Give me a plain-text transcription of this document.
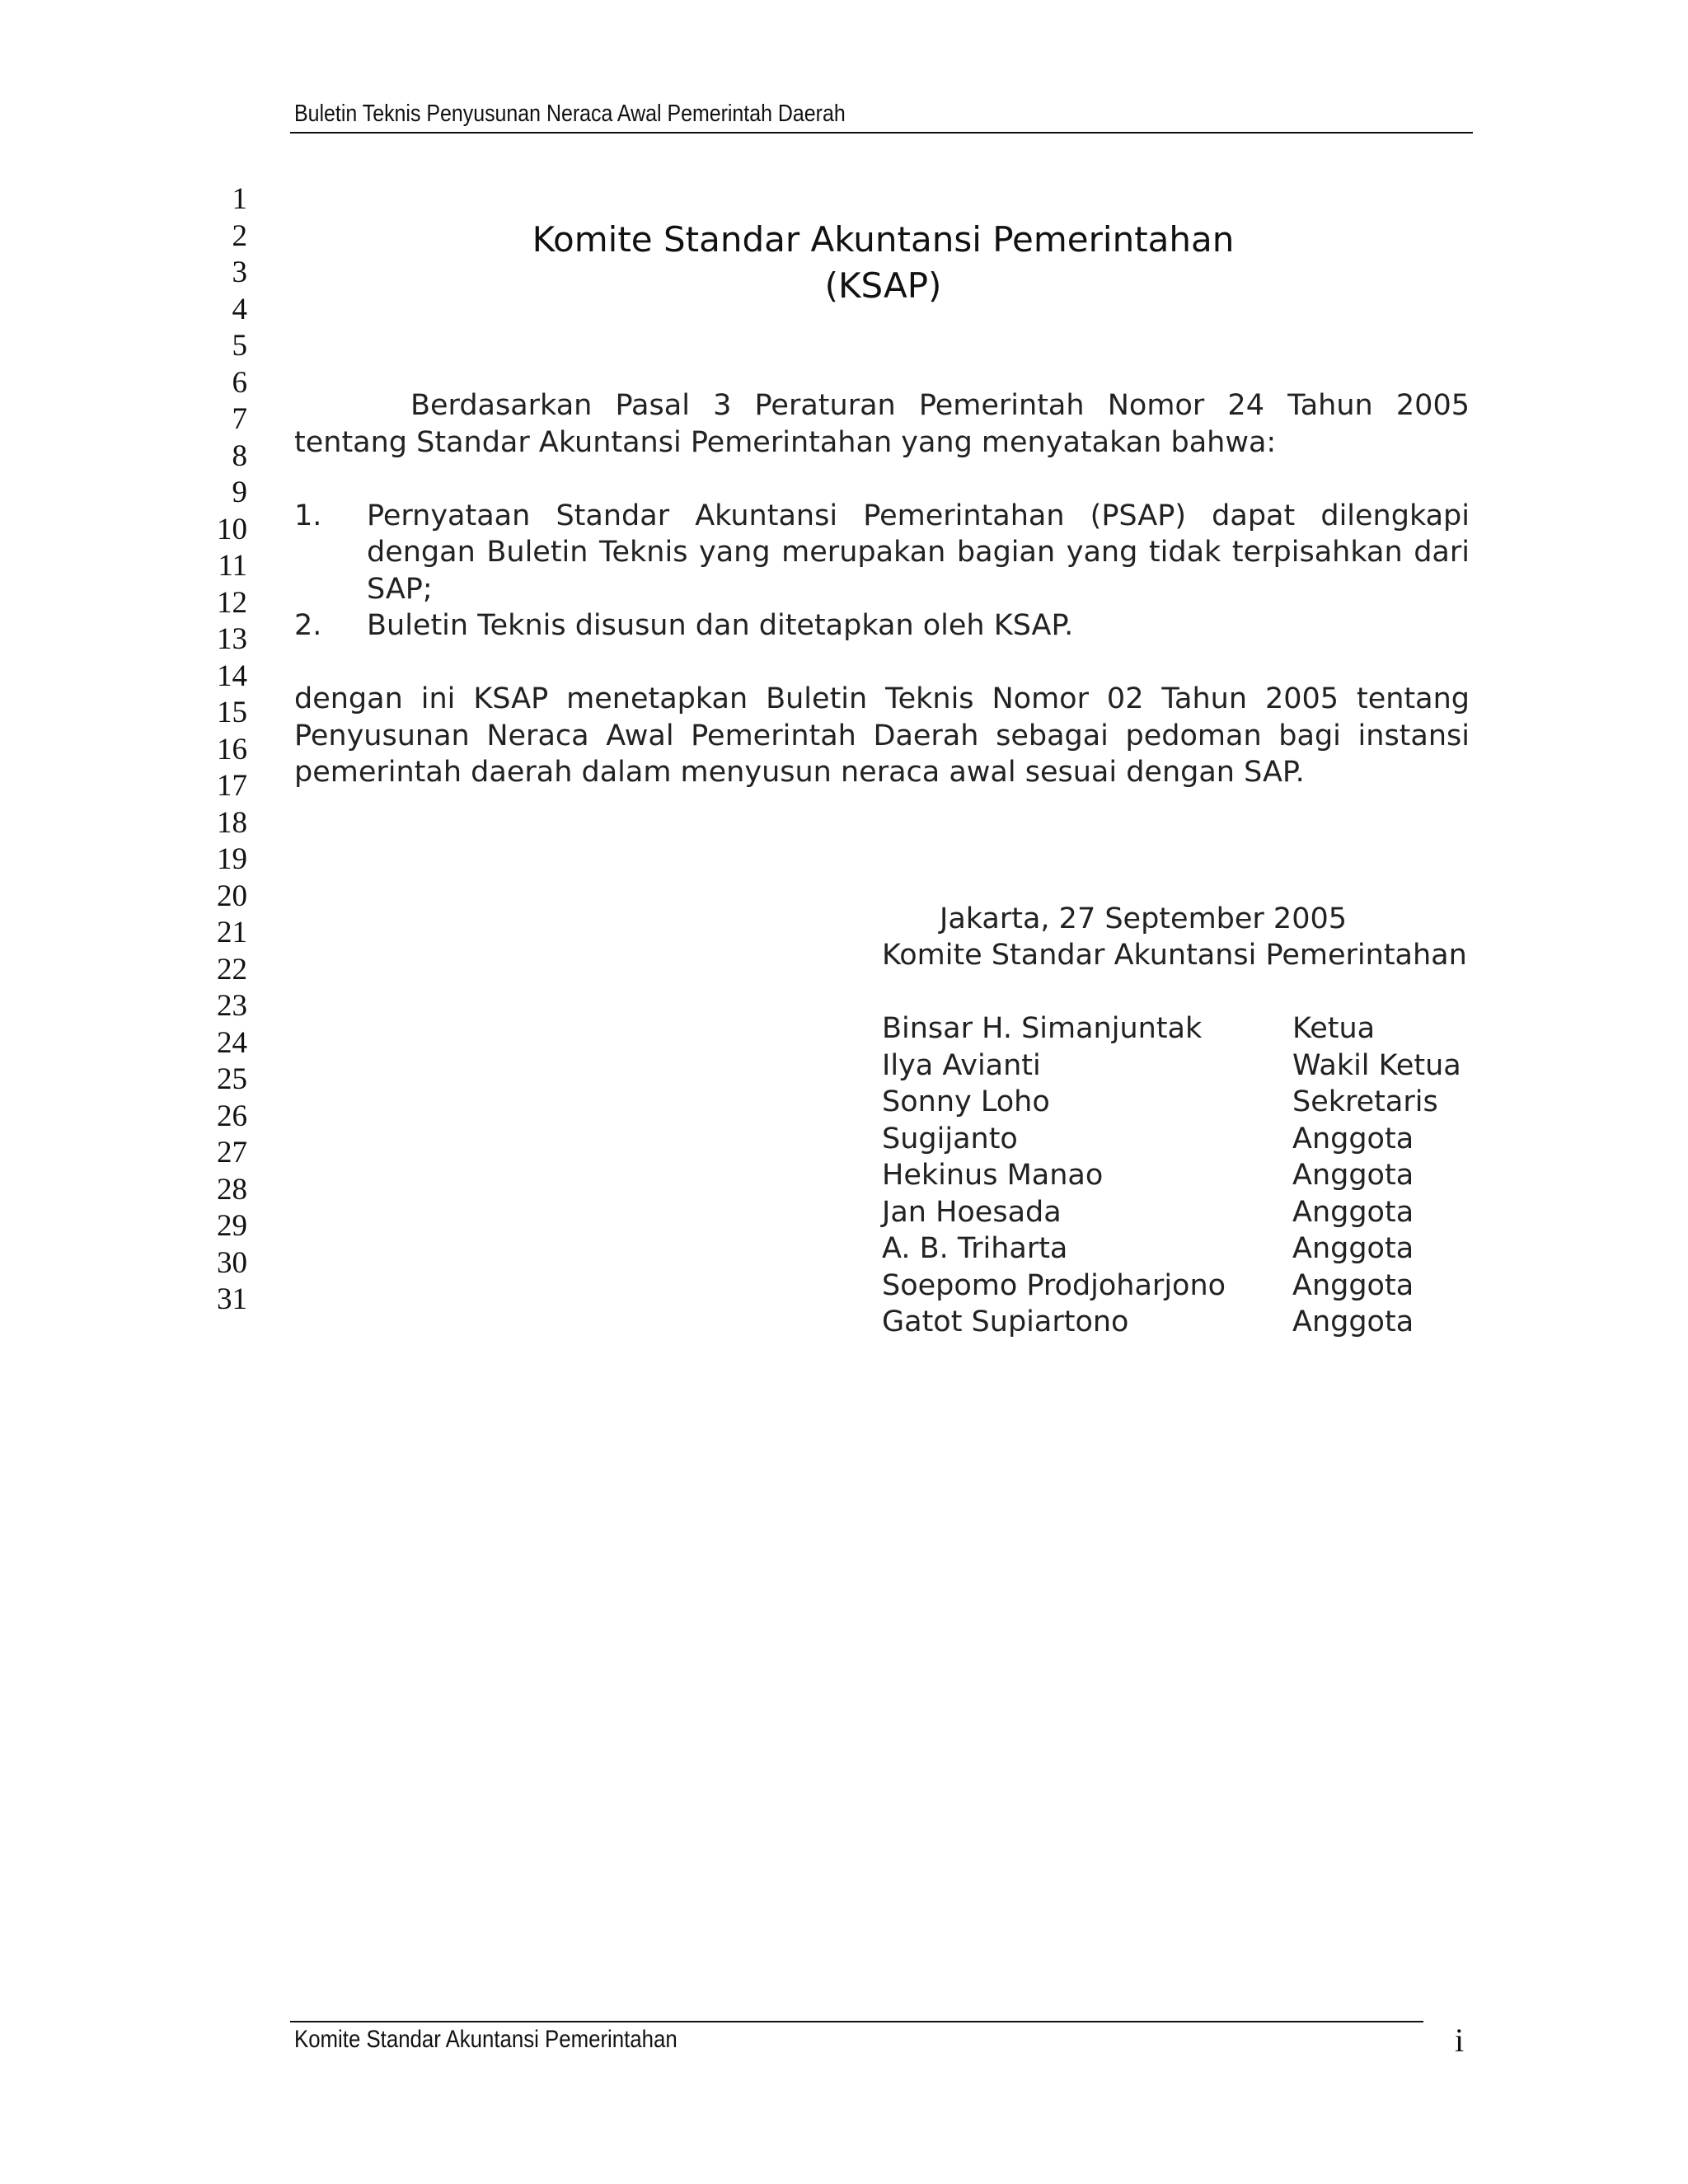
Buletin Teknis Penyusunan Neraca Awal Pemerintah Daerah
1
2
3
4
5
6
7
8
9
10
11
12
13
14
15
16
17
18
19
20
21
22
23
24
25
26
27
28
29
30
31
Komite Standar Akuntansi Pemerintahan
(KSAP)
Berdasarkan Pasal 3 Peraturan Pemerintah Nomor 24 Tahun 2005
tentang Standar Akuntansi Pemerintahan yang menyatakan bahwa:
1. Pernyataan Standar Akuntansi Pemerintahan (PSAP) dapat dilengkapi
dengan Buletin Teknis yang merupakan bagian yang tidak terpisahkan dari
SAP;
2. Buletin Teknis disusun dan ditetapkan oleh KSAP.
dengan ini KSAP menetapkan Buletin Teknis Nomor 02 Tahun 2005 tentang
Penyusunan Neraca Awal Pemerintah Daerah sebagai pedoman bagi instansi
pemerintah daerah dalam menyusun neraca awal sesuai dengan SAP.
Jakarta, 27 September 2005
Komite Standar Akuntansi Pemerintahan
Binsar H. Simanjuntak	Ketua
Ilya Avianti	Wakil Ketua
Sonny Loho	Sekretaris
Sugijanto	Anggota
Hekinus Manao	Anggota
Jan Hoesada	Anggota
A. B. Triharta	Anggota
Soepomo Prodjoharjono Anggota
Gatot Supiartono	Anggota
Komite Standar Akuntansi Pemerintahan	i
